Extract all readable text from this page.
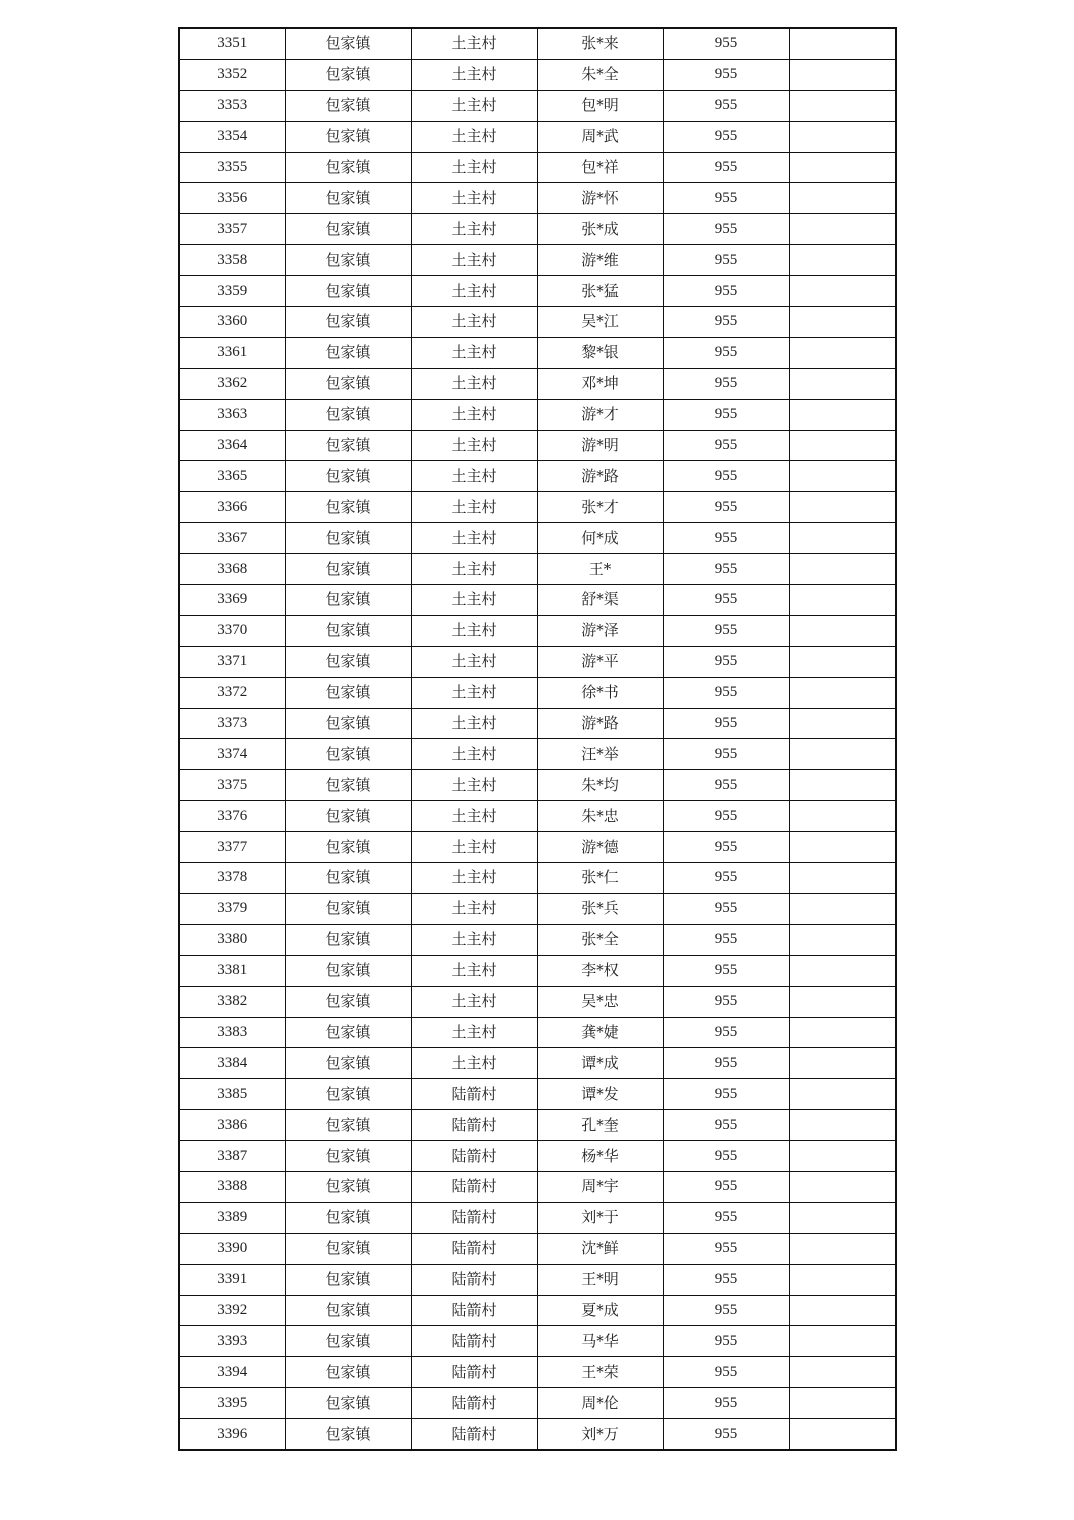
3351	包家镇	土主村	张*来	955	
3352	包家镇	土主村	朱*全	955	
3353	包家镇	土主村	包*明	955	
3354	包家镇	土主村	周*武	955	
3355	包家镇	土主村	包*祥	955	
3356	包家镇	土主村	游*怀	955	
3357	包家镇	土主村	张*成	955	
3358	包家镇	土主村	游*维	955	
3359	包家镇	土主村	张*猛	955	
3360	包家镇	土主村	吴*江	955	
3361	包家镇	土主村	黎*银	955	
3362	包家镇	土主村	邓*坤	955	
3363	包家镇	土主村	游*才	955	
3364	包家镇	土主村	游*明	955	
3365	包家镇	土主村	游*路	955	
3366	包家镇	土主村	张*才	955	
3367	包家镇	土主村	何*成	955	
3368	包家镇	土主村	王*	955	
3369	包家镇	土主村	舒*渠	955	
3370	包家镇	土主村	游*泽	955	
3371	包家镇	土主村	游*平	955	
3372	包家镇	土主村	徐*书	955	
3373	包家镇	土主村	游*路	955	
3374	包家镇	土主村	汪*举	955	
3375	包家镇	土主村	朱*均	955	
3376	包家镇	土主村	朱*忠	955	
3377	包家镇	土主村	游*德	955	
3378	包家镇	土主村	张*仁	955	
3379	包家镇	土主村	张*兵	955	
3380	包家镇	土主村	张*全	955	
3381	包家镇	土主村	李*权	955	
3382	包家镇	土主村	吴*忠	955	
3383	包家镇	土主村	龚*婕	955	
3384	包家镇	土主村	谭*成	955	
3385	包家镇	陆箭村	谭*发	955	
3386	包家镇	陆箭村	孔*奎	955	
3387	包家镇	陆箭村	杨*华	955	
3388	包家镇	陆箭村	周*宇	955	
3389	包家镇	陆箭村	刘*于	955	
3390	包家镇	陆箭村	沈*鲜	955	
3391	包家镇	陆箭村	王*明	955	
3392	包家镇	陆箭村	夏*成	955	
3393	包家镇	陆箭村	马*华	955	
3394	包家镇	陆箭村	王*荣	955	
3395	包家镇	陆箭村	周*伦	955	
3396	包家镇	陆箭村	刘*万	955	
